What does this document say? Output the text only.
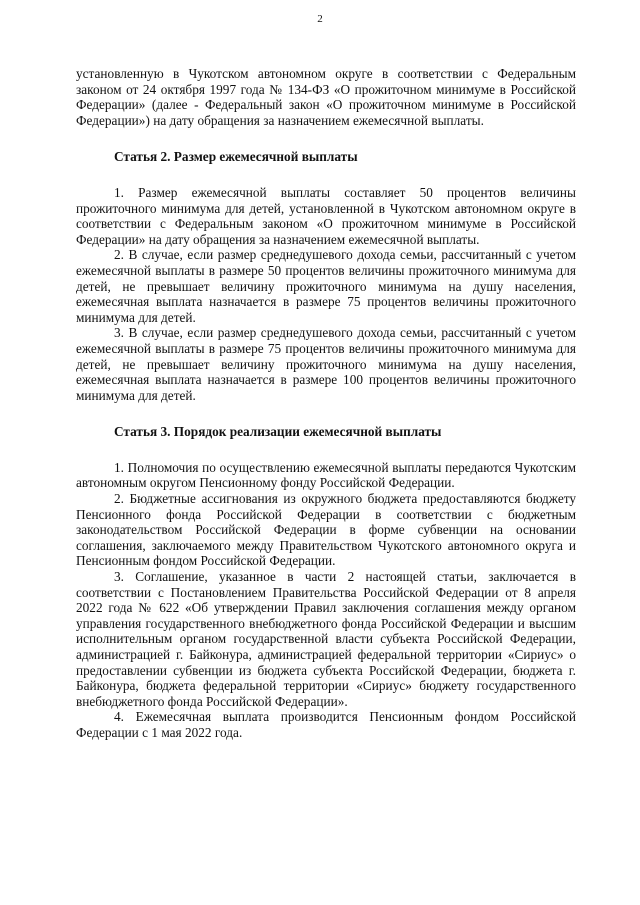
2

установленную в Чукотском автономном округе в соответствии с Федеральным законом от 24 октября 1997 года № 134-ФЗ «О прожиточном минимуме в Российской Федерации» (далее - Федеральный закон «О прожиточном минимуме в Российской Федерации») на дату обращения за назначением ежемесячной выплаты.

Статья 2. Размер ежемесячной выплаты

1. Размер ежемесячной выплаты составляет 50 процентов величины прожиточного минимума для детей, установленной в Чукотском автономном округе в соответствии с Федеральным законом «О прожиточном минимуме в Российской Федерации» на дату обращения за назначением ежемесячной выплаты.

2. В случае, если размер среднедушевого дохода семьи, рассчитанный с учетом ежемесячной выплаты в размере 50 процентов величины прожиточного минимума для детей, не превышает величину прожиточного минимума на душу населения, ежемесячная выплата назначается в размере 75 процентов величины прожиточного минимума для детей.

3. В случае, если размер среднедушевого дохода семьи, рассчитанный с учетом ежемесячной выплаты в размере 75 процентов величины прожиточного минимума для детей, не превышает величину прожиточного минимума на душу населения, ежемесячная выплата назначается в размере 100 процентов величины прожиточного минимума для детей.

Статья 3. Порядок реализации ежемесячной выплаты

1. Полномочия по осуществлению ежемесячной выплаты передаются Чукотским автономным округом Пенсионному фонду Российской Федерации.

2. Бюджетные ассигнования из окружного бюджета предоставляются бюджету Пенсионного фонда Российской Федерации в соответствии с бюджетным законодательством Российской Федерации в форме субвенции на основании соглашения, заключаемого между Правительством Чукотского автономного округа и Пенсионным фондом Российской Федерации.

3. Соглашение, указанное в части 2 настоящей статьи, заключается в соответствии с Постановлением Правительства Российской Федерации от 8 апреля 2022 года № 622 «Об утверждении Правил заключения соглашения между органом управления государственного внебюджетного фонда Российской Федерации и высшим исполнительным органом государственной власти субъекта Российской Федерации, администрацией г. Байконура, администрацией федеральной территории «Сириус» о предоставлении субвенции из бюджета субъекта Российской Федерации, бюджета г. Байконура, бюджета федеральной территории «Сириус» бюджету государственного внебюджетного фонда Российской Федерации».

4. Ежемесячная выплата производится Пенсионным фондом Российской Федерации с 1 мая 2022 года.
